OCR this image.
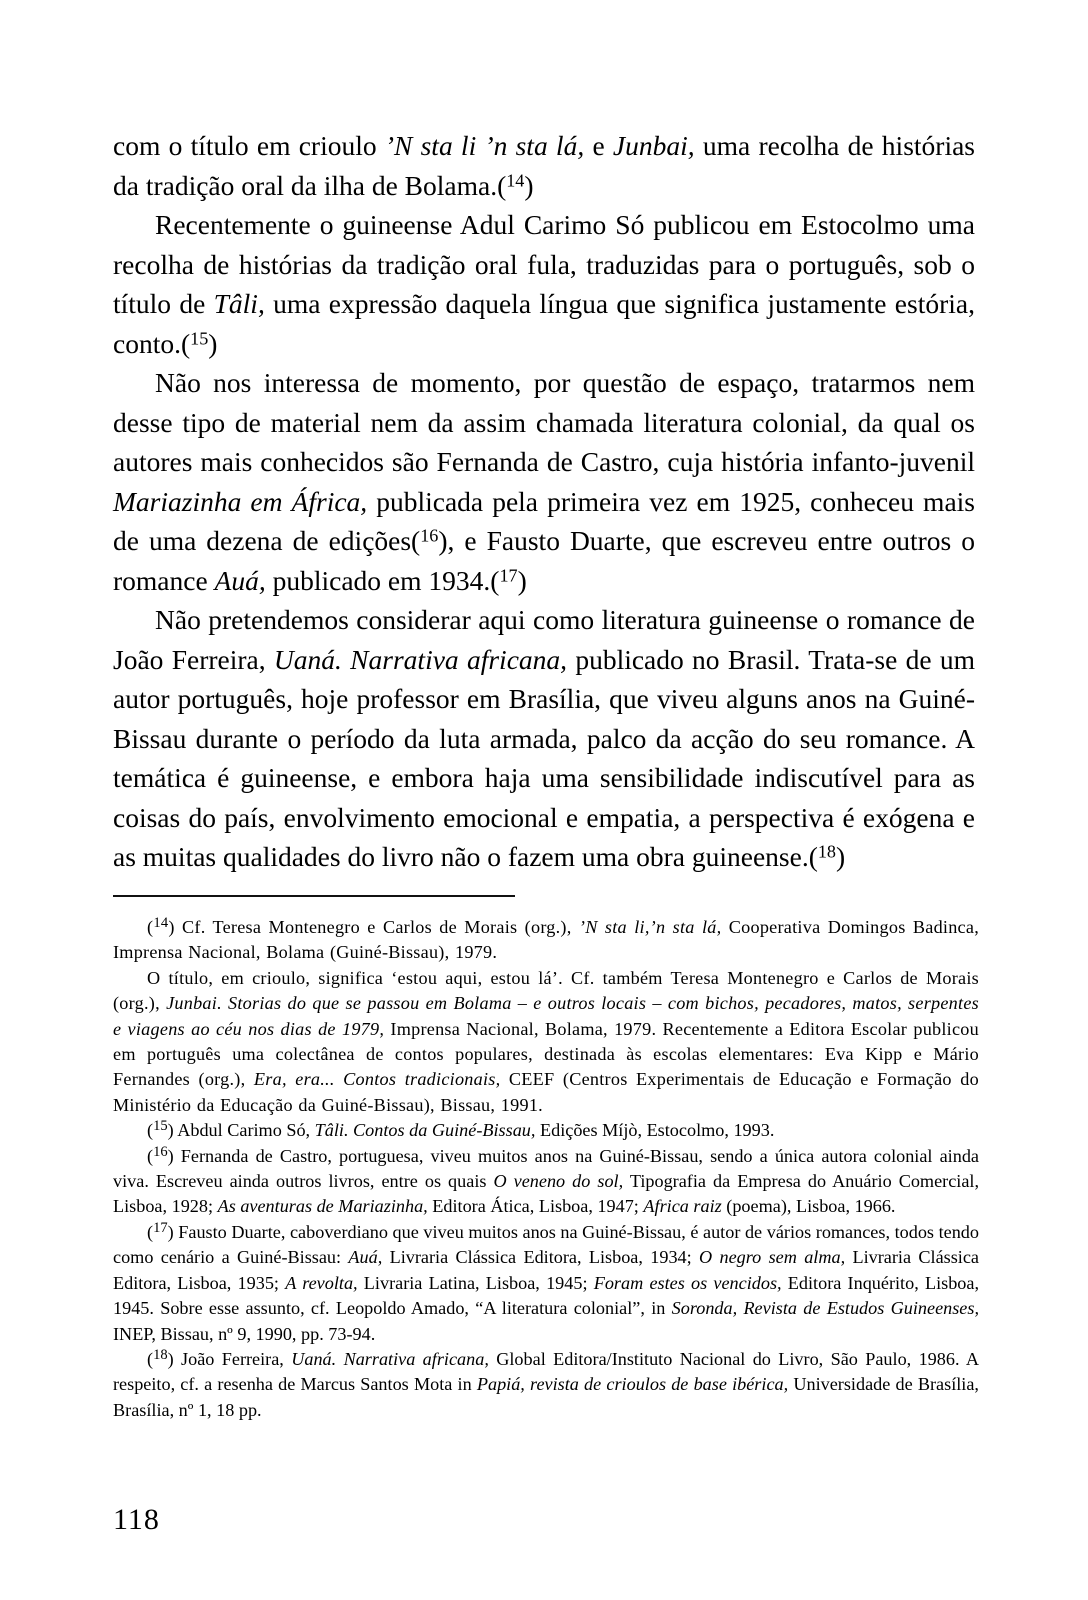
com o título em crioulo ’N sta li ’n sta lá, e Junbai, uma recolha de histórias da tradição oral da ilha de Bolama.($^{14}$)

Recentemente o guineense Adul Carimo Só publicou em Estocolmo uma recolha de histórias da tradição oral fula, traduzidas para o português, sob o título de Tâli, uma expressão daquela língua que significa justamente estória, conto.($^{15}$)

Não nos interessa de momento, por questão de espaço, tratarmos nem desse tipo de material nem da assim chamada literatura colonial, da qual os autores mais conhecidos são Fernanda de Castro, cuja história infanto-juvenil Mariazinha em África, publicada pela primeira vez em 1925, conheceu mais de uma dezena de edições($^{16}$), e Fausto Duarte, que escreveu entre outros o romance Auá, publicado em 1934.($^{17}$)

Não pretendemos considerar aqui como literatura guineense o romance de João Ferreira, Uaná. Narrativa africana, publicado no Brasil. Trata-se de um autor português, hoje professor em Brasília, que viveu alguns anos na Guiné-Bissau durante o período da luta armada, palco da acção do seu romance. A temática é guineense, e embora haja uma sensibilidade indiscutível para as coisas do país, envolvimento emocional e empatia, a perspectiva é exógena e as muitas qualidades do livro não o fazem uma obra guineense.($^{18}$)

($^{14}$) Cf. Teresa Montenegro e Carlos de Morais (org.), ’N sta li,’n sta lá, Cooperativa Domingos Badinca, Imprensa Nacional, Bolama (Guiné-Bissau), 1979.

O título, em crioulo, significa ‘estou aqui, estou lá’. Cf. também Teresa Montenegro e Carlos de Morais (org.), Junbai. Storias do que se passou em Bolama – e outros locais – com bichos, pecadores, matos, serpentes e viagens ao céu nos dias de 1979, Imprensa Nacional, Bolama, 1979. Recentemente a Editora Escolar publicou em português uma colectânea de contos populares, destinada às escolas elementares: Eva Kipp e Mário Fernandes (org.), Era, era... Contos tradicionais, CEEF (Centros Experimentais de Educação e Formação do Ministério da Educação da Guiné-Bissau), Bissau, 1991.

($^{15}$) Abdul Carimo Só, Tâli. Contos da Guiné-Bissau, Edições Míjò, Estocolmo, 1993.

($^{16}$) Fernanda de Castro, portuguesa, viveu muitos anos na Guiné-Bissau, sendo a única autora colonial ainda viva. Escreveu ainda outros livros, entre os quais O veneno do sol, Tipografia da Empresa do Anuário Comercial, Lisboa, 1928; As aventuras de Mariazinha, Editora Ática, Lisboa, 1947; Africa raiz (poema), Lisboa, 1966.

($^{17}$) Fausto Duarte, caboverdiano que viveu muitos anos na Guiné-Bissau, é autor de vários romances, todos tendo como cenário a Guiné-Bissau: Auá, Livraria Clássica Editora, Lisboa, 1934; O negro sem alma, Livraria Clássica Editora, Lisboa, 1935; A revolta, Livraria Latina, Lisboa, 1945; Foram estes os vencidos, Editora Inquérito, Lisboa, 1945. Sobre esse assunto, cf. Leopoldo Amado, “A literatura colonial”, in Soronda, Revista de Estudos Guineenses, INEP, Bissau, nº 9, 1990, pp. 73-94.

($^{18}$) João Ferreira, Uaná. Narrativa africana, Global Editora/Instituto Nacional do Livro, São Paulo, 1986. A respeito, cf. a resenha de Marcus Santos Mota in Papiá, revista de crioulos de base ibérica, Universidade de Brasília, Brasília, nº 1, 18 pp.

118
